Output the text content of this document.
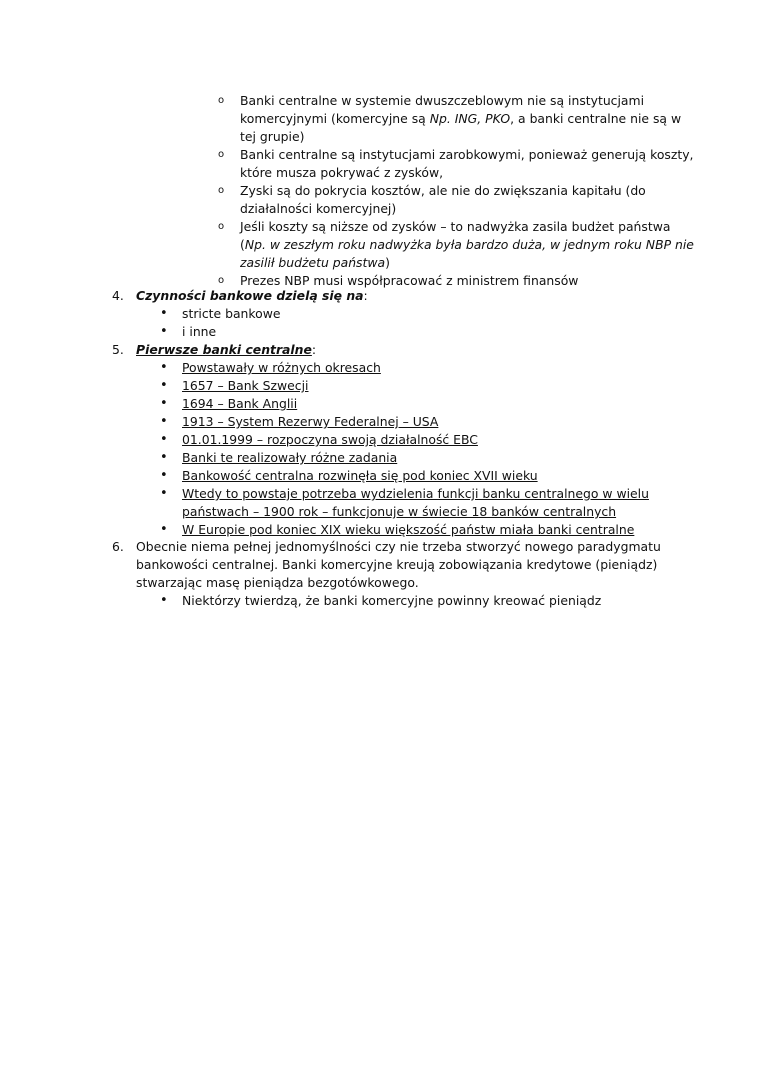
o Banki centralne w systemie dwuszczeblowym nie są instytucjami
komercyjnymi (komercyjne są Np. ING, PKO, a banki centralne nie są w
tej grupie)
o Banki centralne są instytucjami zarobkowymi, ponieważ generują koszty,
które musza pokrywać z zysków,
o Zyski są do pokrycia kosztów, ale nie do zwiększania kapitału (do
działalności komercyjnej)
o Jeśli koszty są niższe od zysków – to nadwyżka zasila budżet państwa
(Np. w zeszłym roku nadwyżka była bardzo duża, w jednym roku NBP nie
zasilił budżetu państwa)
o Prezes NBP musi współpracować z ministrem finansów
4. Czynności bankowe dzielą się na:
• stricte bankowe
• i inne
5. Pierwsze banki centralne:
• Powstawały w różnych okresach
• 1657 – Bank Szwecji
• 1694 – Bank Anglii
• 1913 – System Rezerwy Federalnej – USA
• 01.01.1999 – rozpoczyna swoją działalność EBC
• Banki te realizowały różne zadania
• Bankowość centralna rozwinęła się pod koniec XVII wieku
• Wtedy to powstaje potrzeba wydzielenia funkcji banku centralnego w wielu
państwach – 1900 rok – funkcjonuje w świecie 18 banków centralnych
• W Europie pod koniec XIX wieku większość państw miała banki centralne
6. Obecnie niema pełnej jednomyślności czy nie trzeba stworzyć nowego paradygmatu
bankowości centralnej. Banki komercyjne kreują zobowiązania kredytowe (pieniądz)
stwarzając masę pieniądza bezgotówkowego.
• Niektórzy twierdzą, że banki komercyjne powinny kreować pieniądz
